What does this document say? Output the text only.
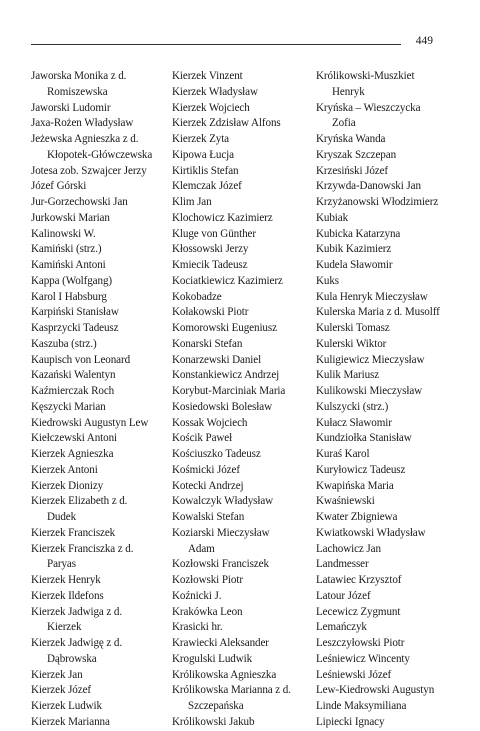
449
Jaworska Monika z d.
Romiszewska
Jaworski Ludomir
Jaxa-Rożen Władysław
Jeżewska Agnieszka z d.
Kłopotek-Główczewska
Jotesa zob. Szwajcer Jerzy
Józef Górski
Jur-Gorzechowski Jan
Jurkowski Marian
Kalinowski W.
Kamiński (strz.)
Kamiński Antoni
Kappa (Wolfgang)
Karol I Habsburg
Karpiński Stanisław
Kasprzycki Tadeusz
Kaszuba (strz.)
Kaupisch von Leonard
Kazański Walentyn
Kaźmierczak Roch
Kęszycki Marian
Kiedrowski Augustyn Lew
Kiełczewski Antoni
Kierzek Agnieszka
Kierzek Antoni
Kierzek Dionizy
Kierzek Elizabeth z d.
Dudek
Kierzek Franciszek
Kierzek Franciszka z d.
Paryas
Kierzek Henryk
Kierzek Ildefons
Kierzek Jadwiga z d.
Kierzek
Kierzek Jadwigę z d.
Dąbrowska
Kierzek Jan
Kierzek Józef
Kierzek Ludwik
Kierzek Marianna
Kierzek Vinzent
Kierzek Władysław
Kierzek Wojciech
Kierzek Zdzisław Alfons
Kierzek Zyta
Kipowa Łucja
Kirtiklis Stefan
Klemczak Józef
Klim Jan
Klochowicz Kazimierz
Kluge von Günther
Kłossowski Jerzy
Kmiecik Tadeusz
Kociatkiewicz Kazimierz
Kokobadze
Kołakowski Piotr
Komorowski Eugeniusz
Konarski Stefan
Konarzewski Daniel
Konstankiewicz Andrzej
Korybut-Marciniak Maria
Kosiedowski Bolesław
Kossak Wojciech
Kościk Paweł
Kościuszko Tadeusz
Kośmicki Józef
Kotecki Andrzej
Kowalczyk Władysław
Kowalski Stefan
Koziarski Mieczysław
Adam
Kozłowski Franciszek
Kozłowski Piotr
Koźnicki J.
Krakówka Leon
Krasicki hr.
Krawiecki Aleksander
Krogulski Ludwik
Królikowska Agnieszka
Królikowska Marianna z d.
Szczepańska
Królikowski Jakub
Królikowski-Muszkiet
Henryk
Kryńska – Wieszczycka
Zofia
Kryńska Wanda
Kryszak Szczepan
Krzesiński Józef
Krzywda-Danowski Jan
Krzyżanowski Włodzimierz
Kubiak
Kubicka Katarzyna
Kubik Kazimierz
Kudela Sławomir
Kuks
Kula Henryk Mieczysław
Kulerska Maria z d. Musolff
Kulerski Tomasz
Kulerski Wiktor
Kuligiewicz Mieczysław
Kulik Mariusz
Kulikowski Mieczysław
Kulszycki (strz.)
Kułacz Sławomir
Kundziołka Stanisław
Kuraś Karol
Kuryłowicz Tadeusz
Kwapińska Maria
Kwaśniewski
Kwater Zbigniewa
Kwiatkowski Władysław
Lachowicz Jan
Landmesser
Latawiec Krzysztof
Latour Józef
Lecewicz Zygmunt
Lemańczyk
Leszczyłowski Piotr
Leśniewicz Wincenty
Leśniewski Józef
Lew-Kiedrowski Augustyn
Linde Maksymiliana
Lipiecki Ignacy
